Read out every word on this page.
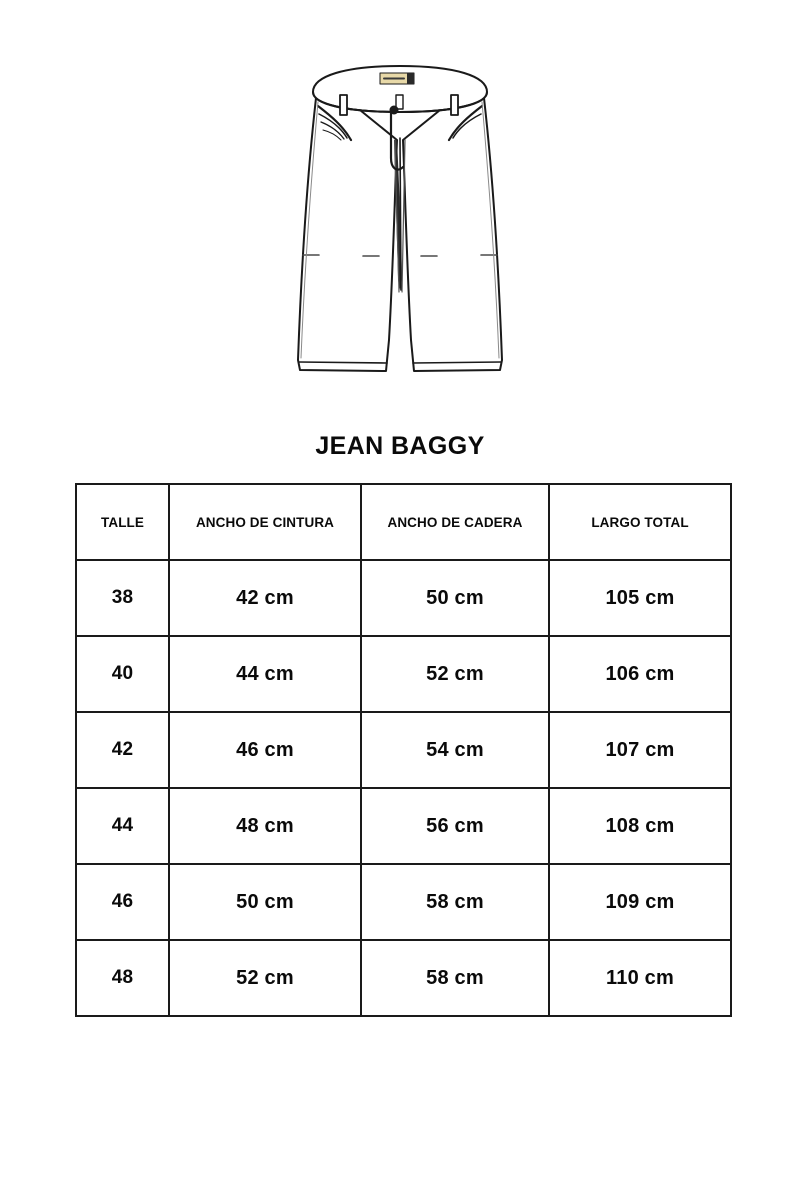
JEAN BAGGY
TALLE	ANCHO DE CINTURA	ANCHO DE CADERA	LARGO TOTAL
38	42 cm	50 cm	105 cm
40	44 cm	52 cm	106 cm
42	46 cm	54 cm	107 cm
44	48 cm	56 cm	108 cm
46	50 cm	58 cm	109 cm
48	52 cm	58 cm	110 cm
